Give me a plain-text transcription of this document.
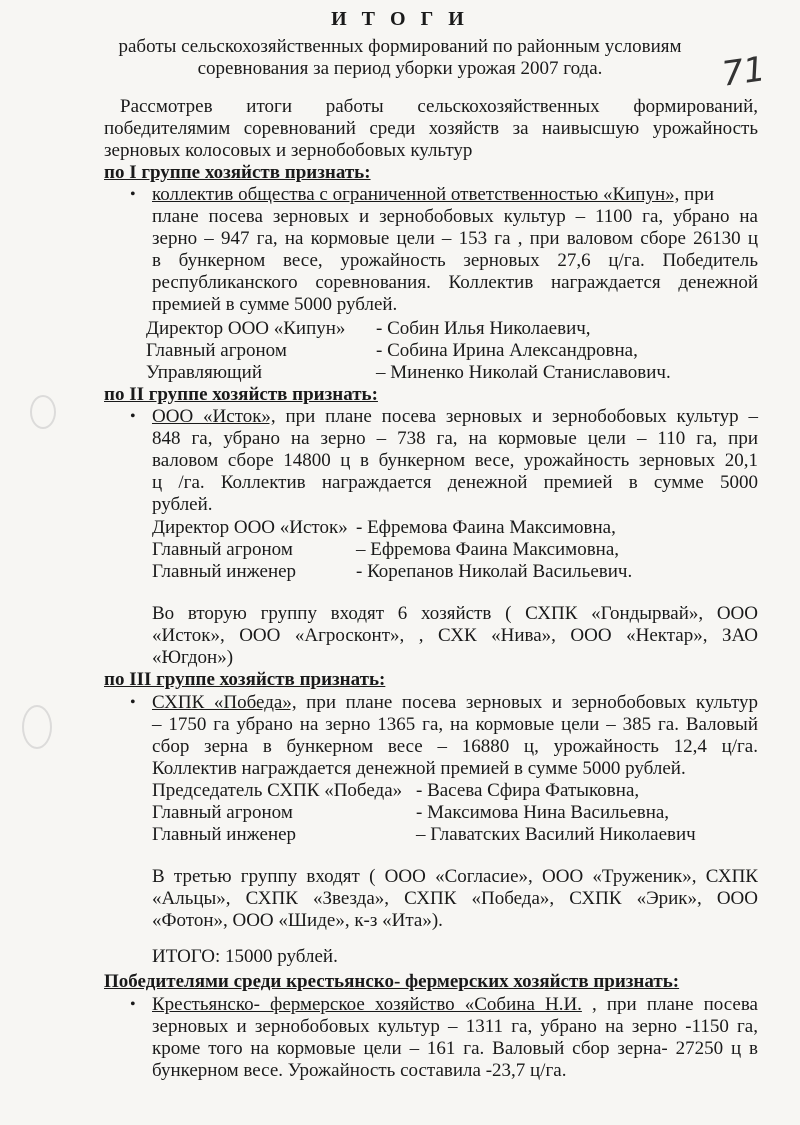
71
И Т О Г И
работы сельскохозяйственных формирований по районным условиям
соревнования за период уборки урожая 2007 года.
Рассмотрев итоги работы сельскохозяйственных формирований,
победителямим соревнований среди хозяйств за наивысшую урожайность
зерновых колосовых и зернобобовых культур
по I группе хозяйств признать:
• коллектив общества с ограниченной ответственностью «Кипун», при
плане посева зерновых и зернобобовых культур – 1100 га, убрано на
зерно – 947 га, на кормовые цели – 153 га , при валовом сборе 26130 ц
в бункерном весе, урожайность зерновых 27,6 ц/га. Победитель
республиканского соревнования. Коллектив награждается денежной
премией в сумме 5000 рублей.
Директор ООО «Кипун» - Собин Илья Николаевич,
Главный агроном	- Собина Ирина Александровна,
Управляющий	– Миненко Николай Станиславович.
по II группе хозяйств признать:
• ООО «Исток», при плане посева зерновых и зернобобовых культур –
848 га, убрано на зерно – 738 га, на кормовые цели – 110 га, при
валовом сборе 14800 ц в бункерном весе, урожайность зерновых 20,1
ц /га. Коллектив награждается денежной премией в сумме 5000
рублей.
Директор ООО «Исток» - Ефремова Фаина Максимовна,
Главный агроном	– Ефремова Фаина Максимовна,
Главный инженер	- Корепанов Николай Васильевич.
Во вторую группу входят 6 хозяйств ( СХПК «Гондырвай», ООО
«Исток», ООО «Агросконт», , СХК «Нива», ООО «Нектар», ЗАО
«Югдон»)
по III группе хозяйств признать:
• СХПК «Победа», при плане посева зерновых и зернобобовых культур
– 1750 га убрано на зерно 1365 га, на кормовые цели – 385 га. Валовый
сбор зерна в бункерном весе – 16880 ц, урожайность 12,4 ц/га.
Коллектив награждается денежной премией в сумме 5000 рублей.
Председатель СХПК «Победа» - Васева Сфира Фатыковна,
Главный агроном	- Максимова Нина Васильевна,
Главный инженер	– Главатских Василий Николаевич
В третью группу входят ( ООО «Согласие», ООО «Труженик», СХПК
«Альцы», СХПК «Звезда», СХПК «Победа», СХПК «Эрик», ООО
«Фотон», ООО «Шиде», к-з «Ита»).
ИТОГО: 15000 рублей.
Победителями среди крестьянско- фермерских хозяйств признать:
• Крестьянско- фермерское хозяйство «Собина Н.И. , при плане посева
зерновых и зернобобовых культур – 1311 га, убрано на зерно -1150 га,
кроме того на кормовые цели – 161 га. Валовый сбор зерна- 27250 ц в
бункерном весе. Урожайность составила -23,7 ц/га.
